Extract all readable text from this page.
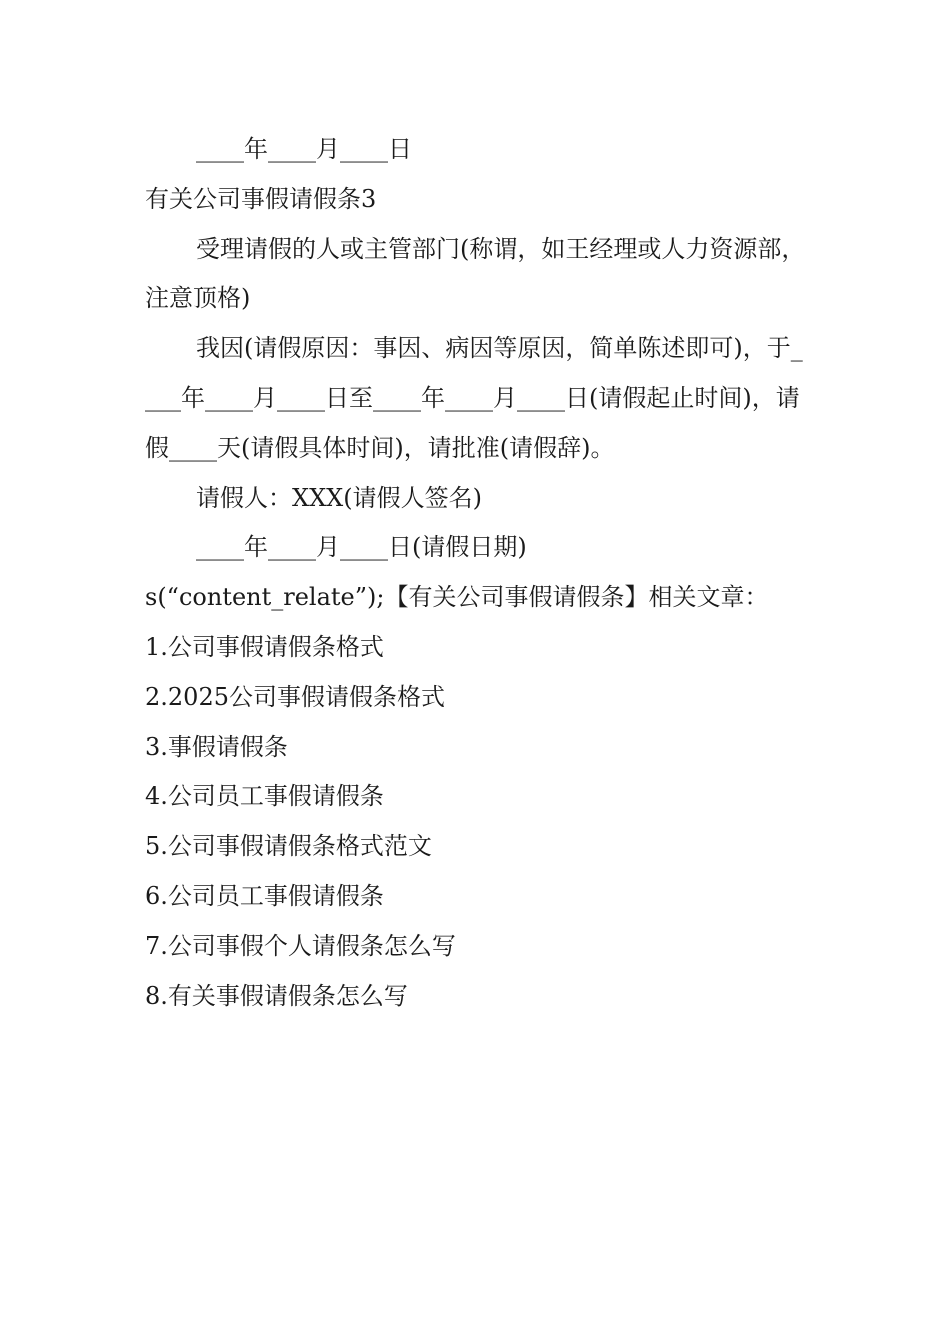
____年____月____日

有关公司事假请假条3

受理请假的人或主管部门(称谓，如王经理或人力资源部，注意顶格)

我因(请假原因：事因、病因等原因，简单陈述即可)，于____年____月____日至____年____月____日(请假起止时间)，请假____天(请假具体时间)，请批准(请假辞)。

请假人：XXX(请假人签名)

____年____月____日(请假日期)

s(“content_relate”);【有关公司事假请假条】相关文章：

1.公司事假请假条格式

2.2025公司事假请假条格式

3.事假请假条

4.公司员工事假请假条

5.公司事假请假条格式范文

6.公司员工事假请假条

7.公司事假个人请假条怎么写

8.有关事假请假条怎么写
